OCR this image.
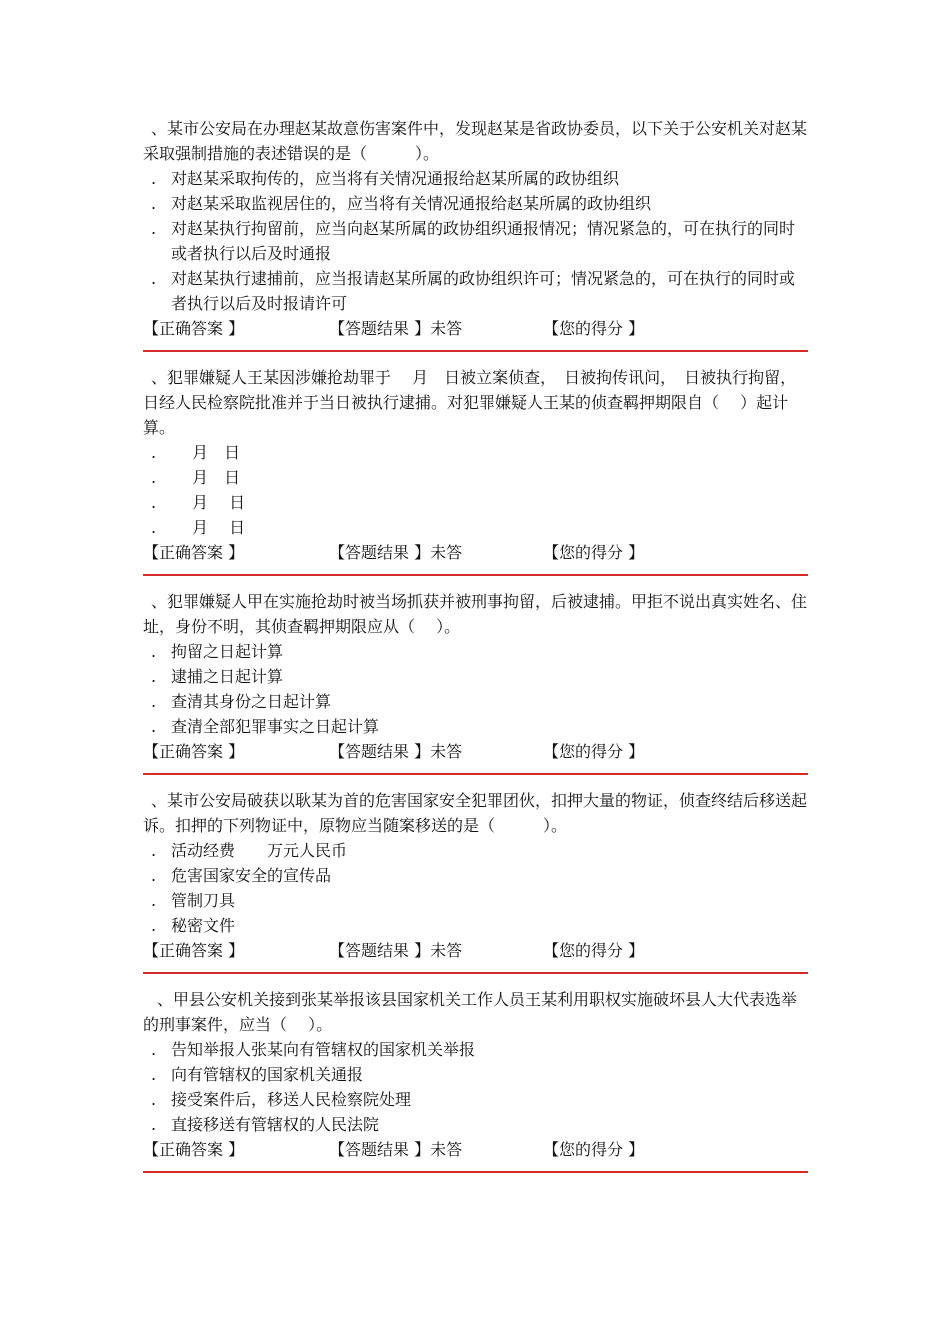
、某市公安局在办理赵某故意伤害案件中，发现赵某是省政协委员，以下关于公安机关对赵某采取强制措施的表述错误的是（　　　）。

. 对赵某采取拘传的，应当将有关情况通报给赵某所属的政协组织

. 对赵某采取监视居住的，应当将有关情况通报给赵某所属的政协组织

. 对赵某执行拘留前，应当向赵某所属的政协组织通报情况；情况紧急的，可在执行的同时或者执行以后及时通报

. 对赵某执行逮捕前，应当报请赵某所属的政协组织许可；情况紧急的，可在执行的同时或者执行以后及时报请许可

【正确答案 】

	【答题结果 】未答

	【您的得分 】

、犯罪嫌疑人王某因涉嫌抢劫罪于　 月　日被立案侦查，　日被拘传讯问，　日被执行拘留，　 日经人民检察院批准并于当日被执行逮捕。对犯罪嫌疑人王某的侦查羁押期限自（　 ）起计算。

. 　 月　日

. 　 月　日

. 　 月　 日

. 　 月　 日

【正确答案 】

	【答题结果 】未答

	【您的得分 】

、犯罪嫌疑人甲在实施抢劫时被当场抓获并被刑事拘留，后被逮捕。甲拒不说出真实姓名、住址，身份不明，其侦查羁押期限应从（　 ）。

. 拘留之日起计算

. 逮捕之日起计算

. 查清其身份之日起计算

. 查清全部犯罪事实之日起计算

【正确答案 】

	【答题结果 】未答

	【您的得分 】

、某市公安局破获以耿某为首的危害国家安全犯罪团伙，扣押大量的物证，侦查终结后移送起诉。扣押的下列物证中，原物应当随案移送的是（　　　）。

. 活动经费　　万元人民币

. 危害国家安全的宣传品

. 管制刀具

. 秘密文件

【正确答案 】

	【答题结果 】未答

	【您的得分 】

、甲县公安机关接到张某举报该县国家机关工作人员王某利用职权实施破坏县人大代表选举的刑事案件，应当（　 ）。

. 告知举报人张某向有管辖权的国家机关举报

. 向有管辖权的国家机关通报

. 接受案件后，移送人民检察院处理

. 直接移送有管辖权的人民法院

【正确答案 】

	【答题结果 】未答

	【您的得分 】
